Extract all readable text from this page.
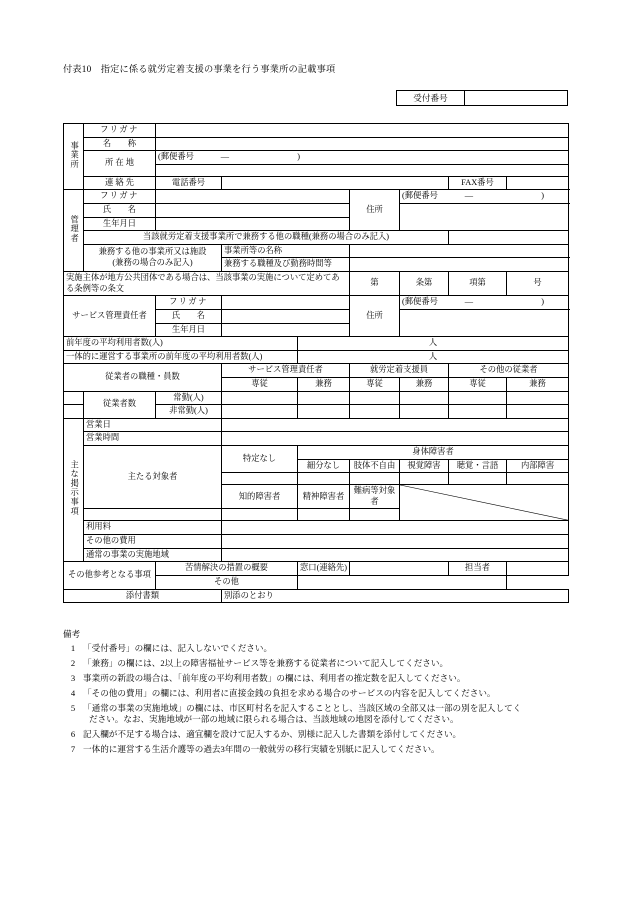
付表10　指定に係る就労定着支援の事業を行う事業所の記載事項
受付番号
事業所	フリガナ							
	名　　称							
	所 在 地	(郵便番号 — )						

	連 絡 先	電話番号					FAX番号	
管理者	フリガナ				住所	(郵便番号 — )		
	氏　　名							
	生年月日							
	当該就労定着支援事業所で兼務する他の職種(兼務の場合のみ記入)							
	兼務する他の事業所又は施設
(兼務の場合のみ記入)		事業所等の名称					
			兼務する職種及び勤務時間等					
実施主体が地方公共団体である場合は、当該事業の実施について定めてある条例等の条文					第	条第	項第	号
サービス管理責任者		フリガナ			住所	(郵便番号 — )		
		氏　　名						
		生年月日						
前年度の平均利用者数(人)				人				
一体的に運営する事業所の前年度の平均利用者数(人)				人				
従業者の職種・員数			サービス管理責任者		就労定着支援員		その他の従業者	
			専従	兼務	専従	兼務	専従	兼務
	従業者数	常勤(人)						
		非常勤(人)						
主な掲示事項	営業日							
	営業時間							
	主たる対象者		特定なし	身体障害者				
				細分なし	肢体不自由	視覚障害	聴覚・言語	内部障害

			知的障害者	精神障害者	難病等対象者	

	利用料							
	その他の費用							
	通常の事業の実施地域							
その他参考となる事項		苦情解決の措置の概要		窓口(連絡先)			担当者	
		その他						
添付書類			別添のとおり					
備考
1 「受付番号」の欄には、記入しないでください。
2 「兼務」の欄には、2以上の障害福祉サービス等を兼務する従業者について記入してください。
3 事業所の新設の場合は、「前年度の平均利用者数」の欄には、利用者の推定数を記入してください。
4 「その他の費用」の欄には、利用者に直接金銭の負担を求める場合のサービスの内容を記入してください。
5 「通常の事業の実施地域」の欄には、市区町村名を記入することとし、当該区域の全部又は一部の別を記入してく
ださい。なお、実施地域が一部の地域に限られる場合は、当該地域の地図を添付してください。
6 記入欄が不足する場合は、適宜欄を設けて記入するか、別様に記入した書類を添付してください。
7 一体的に運営する生活介護等の過去3年間の一般就労の移行実績を別紙に記入してください。
